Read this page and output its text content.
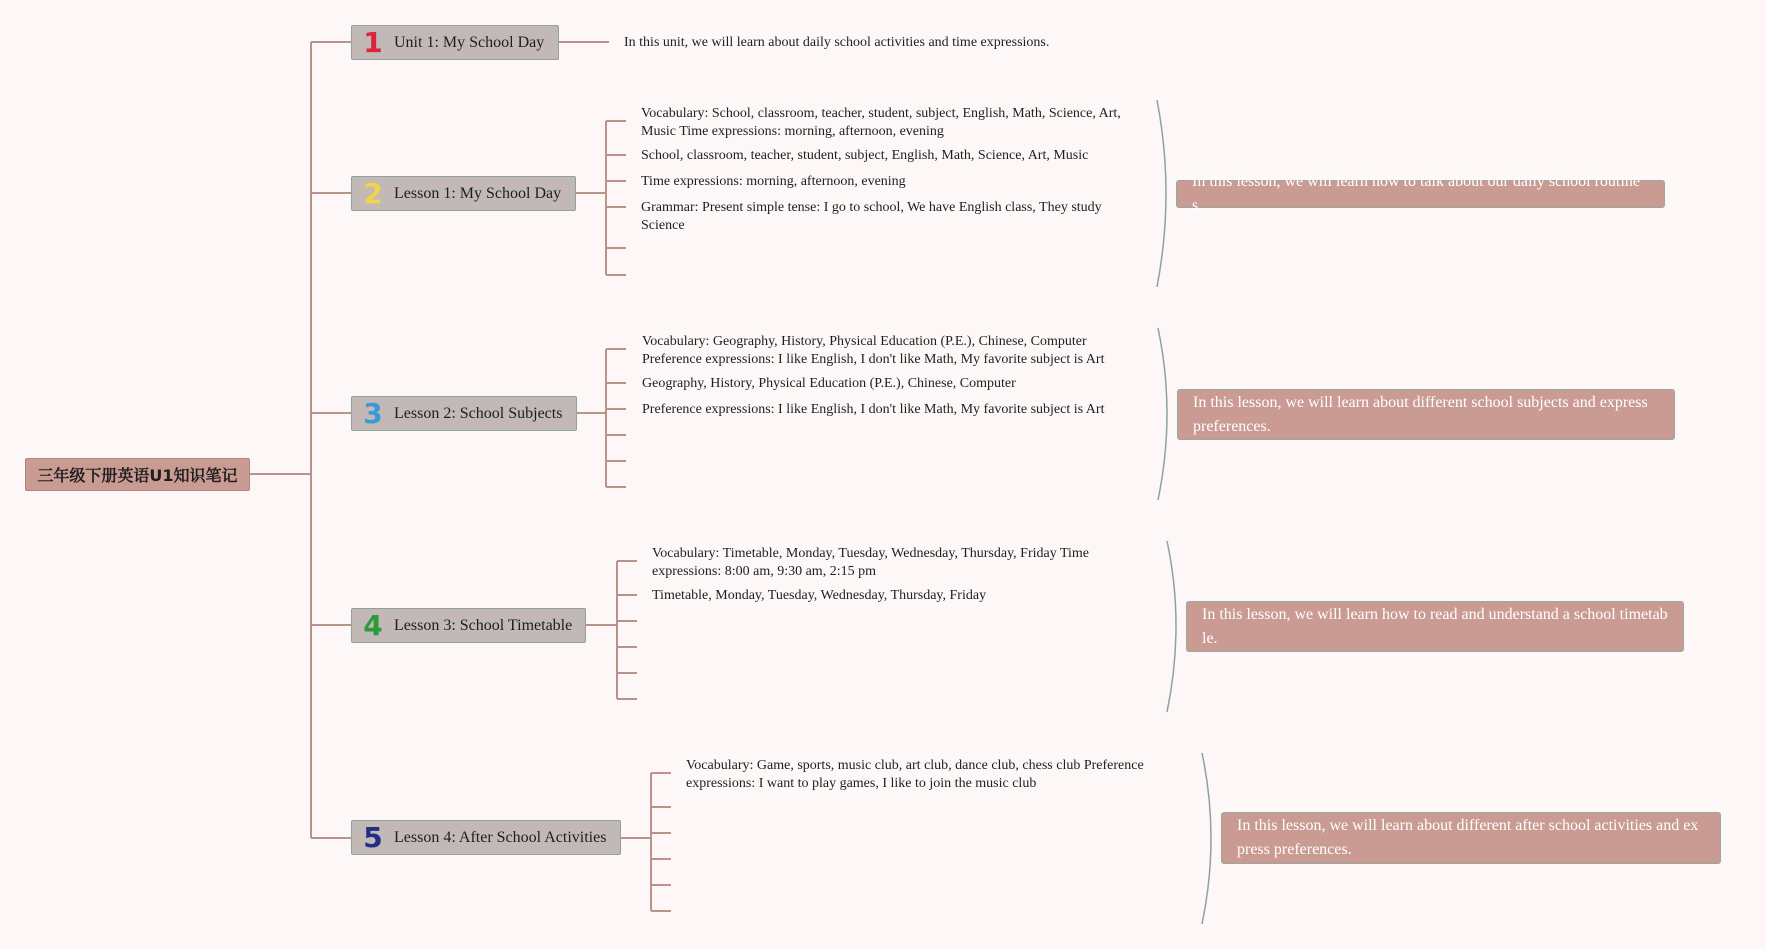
三年级下册英语U1知识笔记
1 Unit 1: My School Day	In this unit, we will learn about daily school activities and time expressions.
2 Lesson 1: My School Day
Vocabulary: School, classroom, teacher, student, subject, English, Math, Science, Art, Music Time expressions: morning, afternoon, evening
School, classroom, teacher, student, subject, English, Math, Science, Art, Music
Time expressions: morning, afternoon, evening
Grammar: Present simple tense: I go to school, We have English class, They study Science
In this lesson, we will learn how to talk about our daily school routines.
3 Lesson 2: School Subjects
Vocabulary: Geography, History, Physical Education (P.E.), Chinese, Computer Preference expressions: I like English, I don't like Math, My favorite subject is Art
Geography, History, Physical Education (P.E.), Chinese, Computer
Preference expressions: I like English, I don't like Math, My favorite subject is Art	In this lesson, we will learn about different school subjects and express preferences.
4 Lesson 3: School Timetable
Vocabulary: Timetable, Monday, Tuesday, Wednesday, Thursday, Friday Time expressions: 8:00 am, 9:30 am, 2:15 pm
Timetable, Monday, Tuesday, Wednesday, Thursday, Friday
In this lesson, we will learn how to read and understand a school timetable.
5 Lesson 4: After School Activities
Vocabulary: Game, sports, music club, art club, dance club, chess club Preference expressions: I want to play games, I like to join the music club
In this lesson, we will learn about different after school activities and express preferences.
